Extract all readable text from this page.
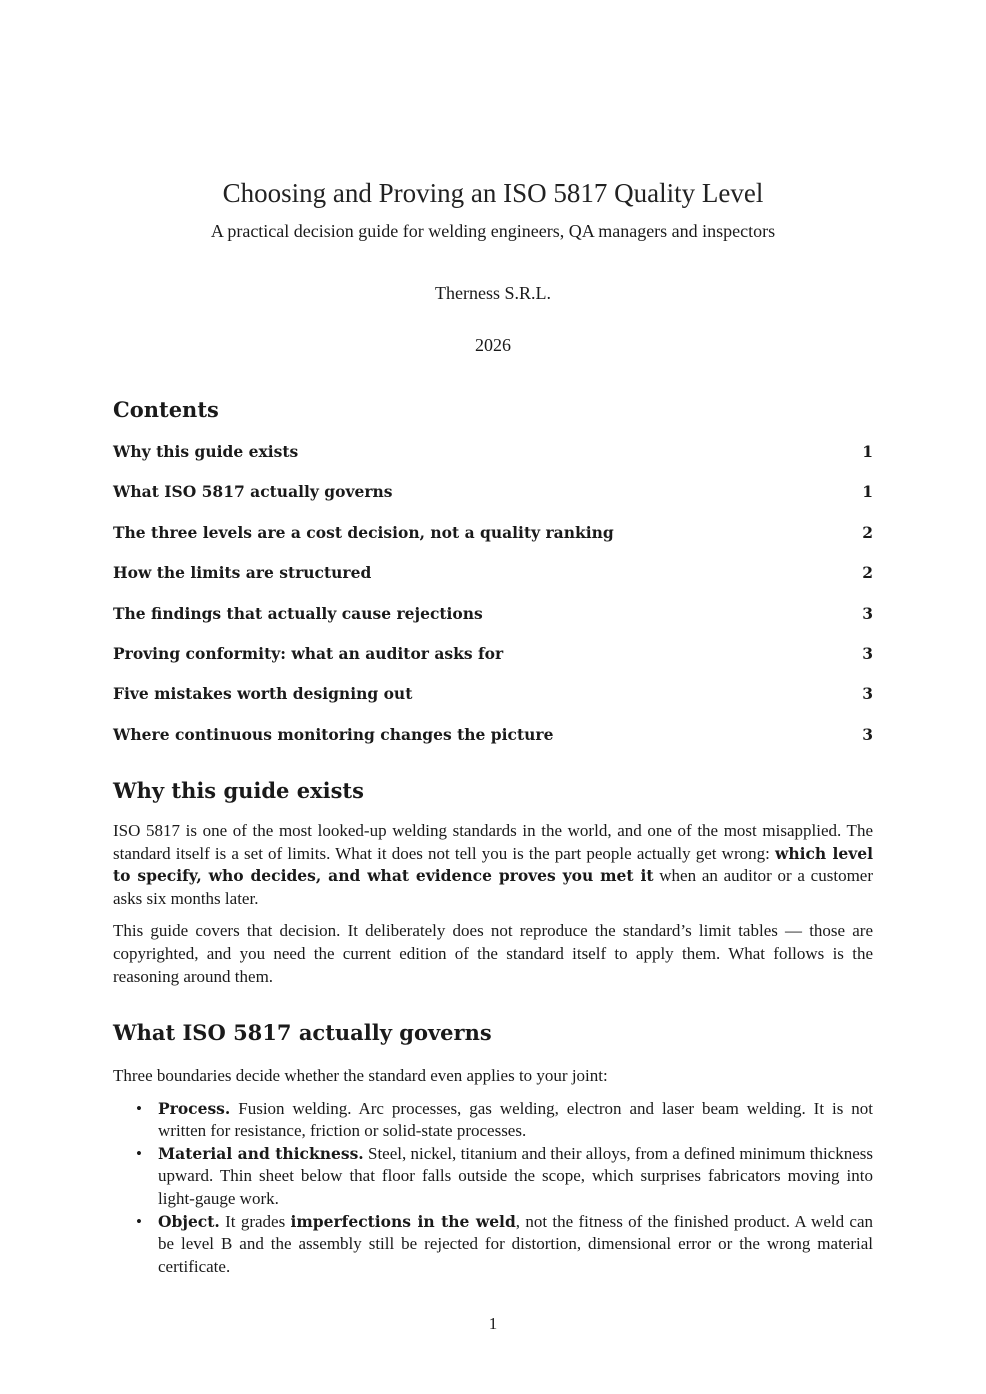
Choosing and Proving an ISO 5817 Quality Level
A practical decision guide for welding engineers, QA managers and inspectors
Therness S.R.L.
2026
Contents
Why this guide exists	1
What ISO 5817 actually governs	1
The three levels are a cost decision, not a quality ranking	2
How the limits are structured	2
The findings that actually cause rejections	3
Proving conformity: what an auditor asks for	3
Five mistakes worth designing out	3
Where continuous monitoring changes the picture	3
Why this guide exists

ISO 5817 is one of the most looked-up welding standards in the world, and one of the most misapplied. The standard itself is a set of limits. What it does not tell you is the part people actually get wrong: which level to specify, who decides, and what evidence proves you met it when an auditor or a customer asks six months later.

This guide covers that decision. It deliberately does not reproduce the standard’s limit tables — those are copyrighted, and you need the current edition of the standard itself to apply them. What follows is the reasoning around them.

What ISO 5817 actually governs

Three boundaries decide whether the standard even applies to your joint:

• Process. Fusion welding. Arc processes, gas welding, electron and laser beam welding. It is not written for resistance, friction or solid-state processes.
• Material and thickness. Steel, nickel, titanium and their alloys, from a defined minimum thickness upward. Thin sheet below that floor falls outside the scope, which surprises fabricators moving into light-gauge work.
• Object. It grades imperfections in the weld, not the fitness of the finished product. A weld can be level B and the assembly still be rejected for distortion, dimensional error or the wrong material certificate.
1
